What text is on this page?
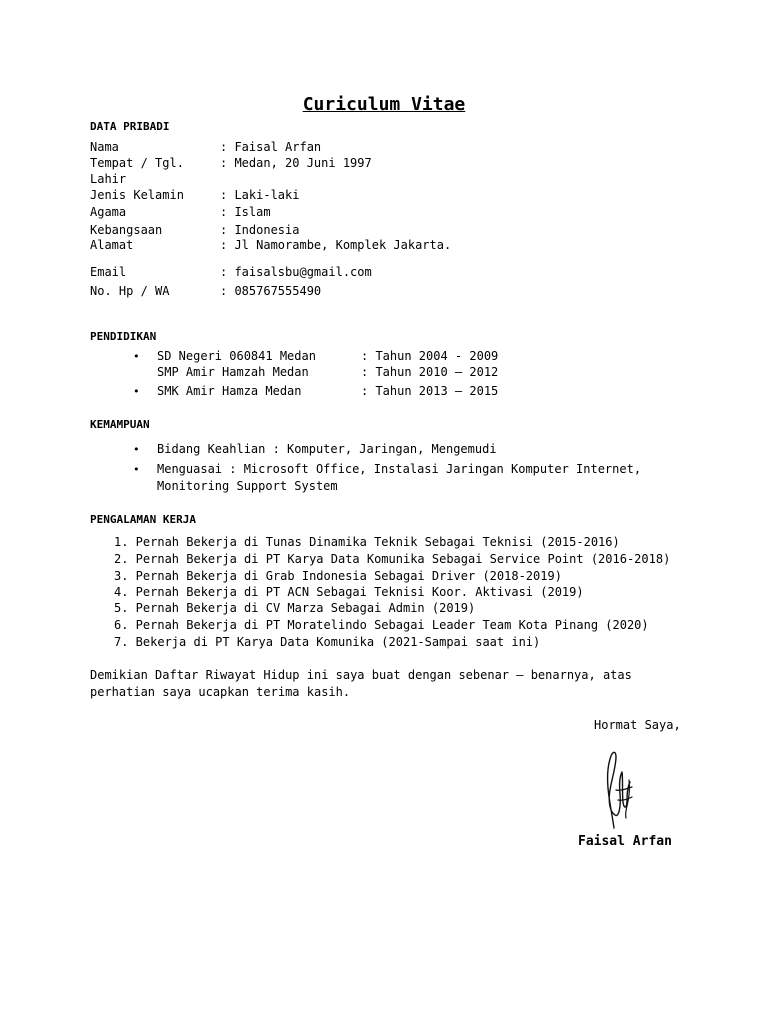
Curiculum Vitae
DATA PRIBADI
Nama	: Faisal Arfan
Tempat / Tgl.	: Medan, 20 Juni 1997
Lahir
Jenis Kelamin	: Laki-laki
Agama	: Islam
Kebangsaan	: Indonesia
Alamat	: Jl Namorambe, Komplek Jakarta.
Email	: faisalsbu@gmail.com
No. Hp / WA	: 085767555490
PENDIDIKAN
• SD Negeri 060841 Medan	: Tahun 2004 - 2009
SMP Amir Hamzah Medan	: Tahun 2010 – 2012
• SMK Amir Hamza Medan	: Tahun 2013 – 2015
KEMAMPUAN
• Bidang Keahlian : Komputer, Jaringan, Mengemudi
• Menguasai : Microsoft Office, Instalasi Jaringan Komputer Internet,
Monitoring Support System
PENGALAMAN KERJA
1. Pernah Bekerja di Tunas Dinamika Teknik Sebagai Teknisi (2015-2016)
2. Pernah Bekerja di PT Karya Data Komunika Sebagai Service Point (2016-2018)
3. Pernah Bekerja di Grab Indonesia Sebagai Driver (2018-2019)
4. Pernah Bekerja di PT ACN Sebagai Teknisi Koor. Aktivasi (2019)
5. Pernah Bekerja di CV Marza Sebagai Admin (2019)
6. Pernah Bekerja di PT Moratelindo Sebagai Leader Team Kota Pinang (2020)
7. Bekerja di PT Karya Data Komunika (2021-Sampai saat ini)
Demikian Daftar Riwayat Hidup ini saya buat dengan sebenar – benarnya, atas
perhatian saya ucapkan terima kasih.
Hormat Saya,
Faisal Arfan
